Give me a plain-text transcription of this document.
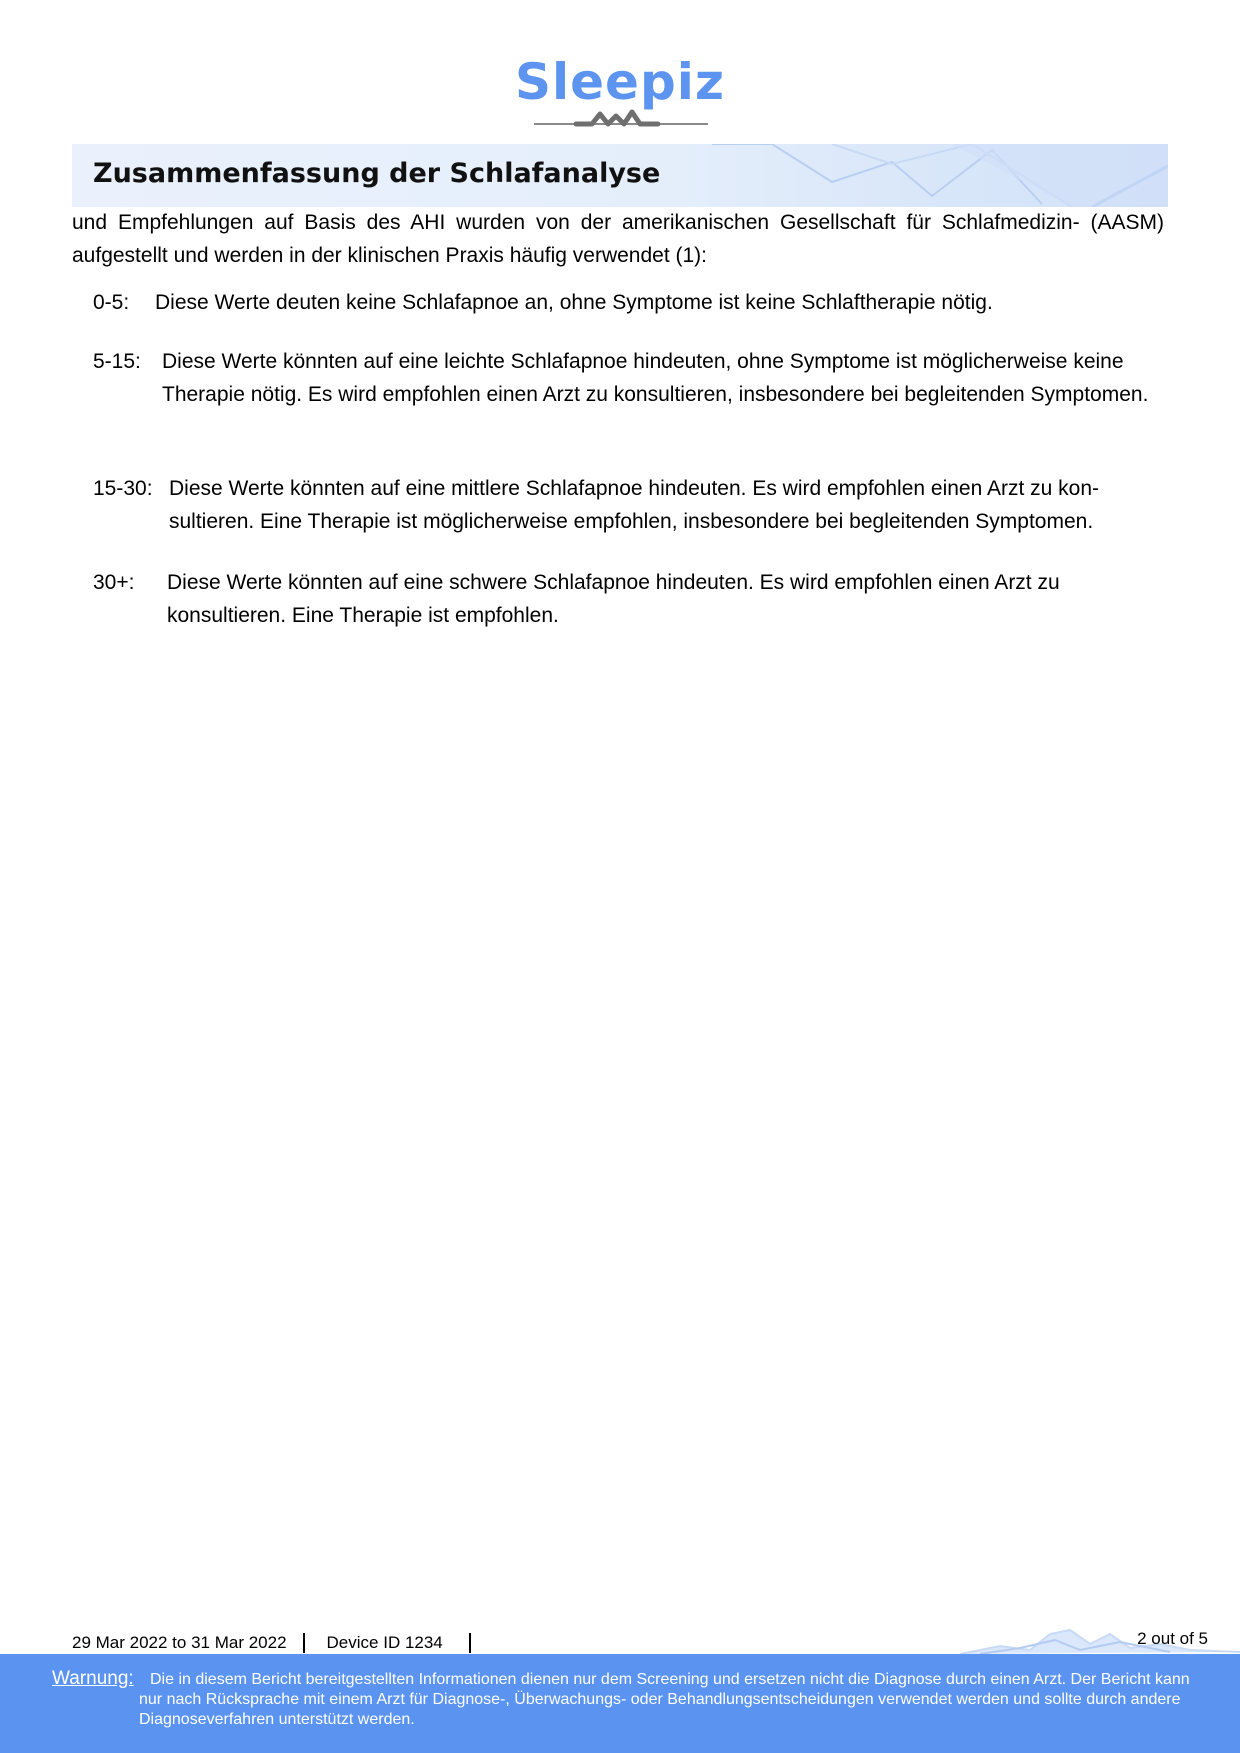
Sleepiz
Zusammenfassung der Schlafanalyse

und Empfehlungen auf Basis des AHI wurden von der amerikanischen Gesellschaft für Schlafmedizin- (AASM) aufgestellt und werden in der klinischen Praxis häufig verwendet (1):

0-5: Diese Werte deuten keine Schlafapnoe an, ohne Symptome ist keine Schlaftherapie nötig.

5-15: Diese Werte könnten auf eine leichte Schlafapnoe hindeuten, ohne Symptome ist möglicherweise keine Therapie nötig. Es wird empfohlen einen Arzt zu konsultieren, insbesondere bei begleitenden Symptomen.

15-30: Diese Werte könnten auf eine mittlere Schlafapnoe hindeuten. Es wird empfohlen einen Arzt zu kon-sultieren. Eine Therapie ist möglicherweise empfohlen, insbesondere bei begleitenden Symptomen.

30+: Diese Werte könnten auf eine schwere Schlafapnoe hindeuten. Es wird empfohlen einen Arzt zu konsultieren. Eine Therapie ist empfohlen.

29 Mar 2022 to 31 Mar 2022 Device ID 1234	2 out of 5
Warnung:	Die in diesem Bericht bereitgestellten Informationen dienen nur dem Screening und ersetzen nicht die Diagnose durch einen Arzt. Der Bericht kann nur nach Rücksprache mit einem Arzt für Diagnose-, Überwachungs- oder Behandlungsentscheidungen verwendet werden und sollte durch andere Diagnoseverfahren unterstützt werden.
